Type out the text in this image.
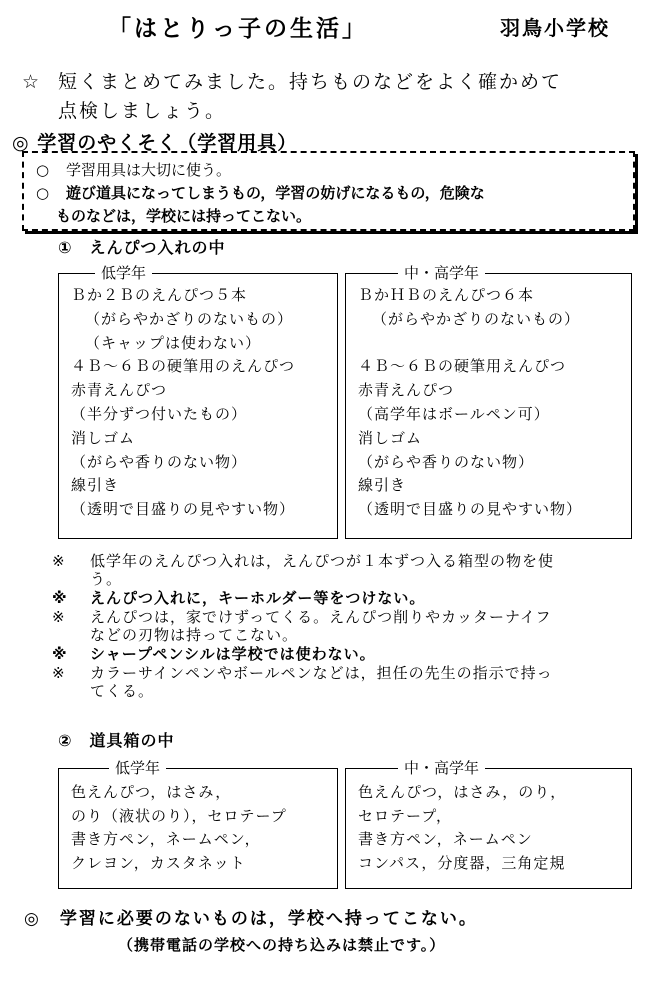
「はとりっ子の生活」	羽鳥小学校
☆ 短くまとめてみました。持ちものなどをよく確かめて
点検しましょう。
◎ 学習のやくそく（学習用具）
○ 学習用具は大切に使う。
○ 遊び道具になってしまうもの，学習の妨げになるもの，危険な
ものなどは，学校には持ってこない。
①　えんぴつ入れの中
低学年
Ｂか２Ｂのえんぴつ５本
（がらやかざりのないもの）
（キャップは使わない）
４Ｂ～６Ｂの硬筆用のえんぴつ
赤青えんぴつ
（半分ずつ付いたもの）
消しゴム
（がらや香りのない物）
線引き
（透明で目盛りの見やすい物）
中・高学年
ＢかＨＢのえんぴつ６本
（がらやかざりのないもの）

４Ｂ～６Ｂの硬筆用えんぴつ
赤青えんぴつ
（高学年はボールペン可）
消しゴム
（がらや香りのない物）
線引き
（透明で目盛りの見やすい物）
※ 低学年のえんぴつ入れは，えんぴつが１本ずつ入る箱型の物を使
う。
※ えんぴつ入れに，キーホルダー等をつけない。
※ えんぴつは，家でけずってくる。えんぴつ削りやカッターナイフ
などの刃物は持ってこない。
※ シャープペンシルは学校では使わない。
※ カラーサインペンやボールペンなどは，担任の先生の指示で持っ
てくる。
②　道具箱の中
低学年
色えんぴつ，はさみ，
のり（液状のり），セロテープ
書き方ペン，ネームペン，
クレヨン，カスタネット
中・高学年
色えんぴつ，はさみ，のり，
セロテープ，
書き方ペン，ネームペン
コンパス，分度器，三角定規
◎　学習に必要のないものは，学校へ持ってこない。
（携帯電話の学校への持ち込みは禁止です。）
